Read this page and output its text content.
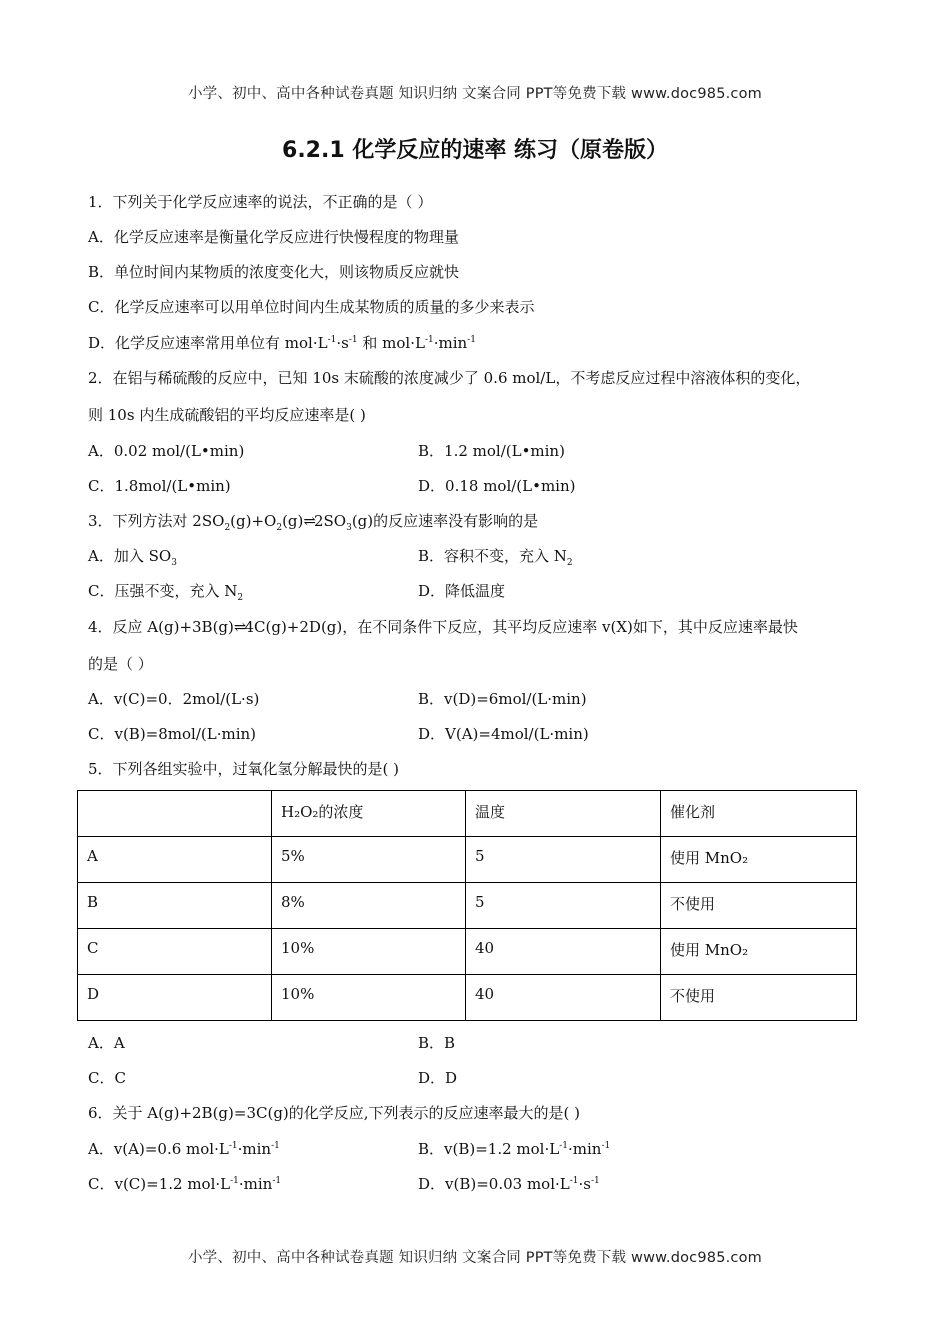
小学、初中、高中各种试卷真题 知识归纳 文案合同 PPT等免费下载 www.doc985.com
6.2.1 化学反应的速率 练习（原卷版）
1．下列关于化学反应速率的说法，不正确的是（ ）
A．化学反应速率是衡量化学反应进行快慢程度的物理量
B．单位时间内某物质的浓度变化大，则该物质反应就快
C．化学反应速率可以用单位时间内生成某物质的质量的多少来表示
D．化学反应速率常用单位有 $mol\cdot L^{-1}\cdot s^{-1}$ 和 $mol\cdot L^{-1}\cdot\min^{-1}$
2．在铝与稀硫酸的反应中，已知 10s 末硫酸的浓度减少了 0.6 mol/L，不考虑反应过程中溶液体积的变化，
则 10s 内生成硫酸铝的平均反应速率是( )
A．0.02 mol/(L•min)	B．1.2 mol/(L•min)
C．1.8mol/(L•min)	D．0.18 mol/(L•min)
3．下列方法对 $2SO_2(g)+O_2(g)\rightleftharpoons 2SO_3(g)$的反应速率没有影响的是
A．加入 $SO_3$	B．容积不变，充入 $N_2$
C．压强不变，充入 $N_2$	D．降低温度
4．反应 A(g)+3B(g)⇌4C(g)+2D(g)，在不同条件下反应，其平均反应速率 v(X)如下，其中反应速率最快
的是（ ）
A．v(C)=0．2mol/(L·s)	B．v(D)=6mol/(L·min)
C．v(B)=8mol/(L·min)	D．V(A)=4mol/(L·min)
5．下列各组实验中，过氧化氢分解最快的是( )
	H₂O₂的浓度	温度	催化剂
A	5%	5	使用 MnO₂
B	8%	5	不使用
C	10%	40	使用 MnO₂
D	10%	40	不使用
A．A	B．B
C．C	D．D
6．关于 A(g)+2B(g)=3C(g)的化学反应,下列表示的反应速率最大的是( )
A．v(A)=0.6 $mol\cdot L^{-1}\cdot\min^{-1}$	B．v(B)=1.2 $mol\cdot L^{-1}\cdot\min^{-1}$
C．v(C)=1.2 $mol\cdot L^{-1}\cdot\min^{-1}$	D．v(B)=0.03 $mol\cdot L^{-1}\cdot s^{-1}$
小学、初中、高中各种试卷真题 知识归纳 文案合同 PPT等免费下载 www.doc985.com
